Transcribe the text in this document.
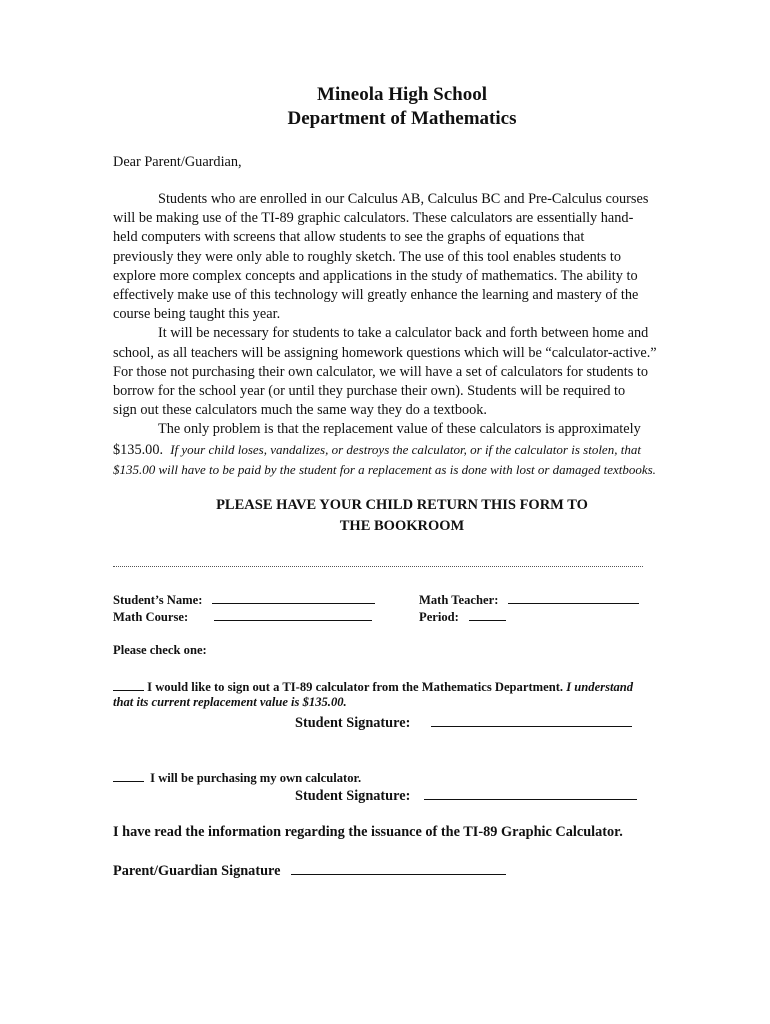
Mineola High School
Department of Mathematics
Dear Parent/Guardian,
Students who are enrolled in our Calculus AB, Calculus BC and Pre-Calculus courses
will be making use of the TI-89 graphic calculators. These calculators are essentially hand-
held computers with screens that allow students to see the graphs of equations that
previously they were only able to roughly sketch. The use of this tool enables students to
explore more complex concepts and applications in the study of mathematics. The ability to
effectively make use of this technology will greatly enhance the learning and mastery of the
course being taught this year.
It will be necessary for students to take a calculator back and forth between home and
school, as all teachers will be assigning homework questions which will be “calculator-active.”
For those not purchasing their own calculator, we will have a set of calculators for students to
borrow for the school year (or until they purchase their own). Students will be required to
sign out these calculators much the same way they do a textbook.
The only problem is that the replacement value of these calculators is approximately
$135.00. If your child loses, vandalizes, or destroys the calculator, or if the calculator is stolen, that
$135.00 will have to be paid by the student for a replacement as is done with lost or damaged textbooks.
PLEASE HAVE YOUR CHILD RETURN THIS FORM TO
THE BOOKROOM
Student’s Name:	Math Teacher:
Math Course:	Period:
Please check one:
I would like to sign out a TI-89 calculator from the Mathematics Department. I understand
that its current replacement value is $135.00.
Student Signature:
I will be purchasing my own calculator.
Student Signature:
I have read the information regarding the issuance of the TI-89 Graphic Calculator.
Parent/Guardian Signature
